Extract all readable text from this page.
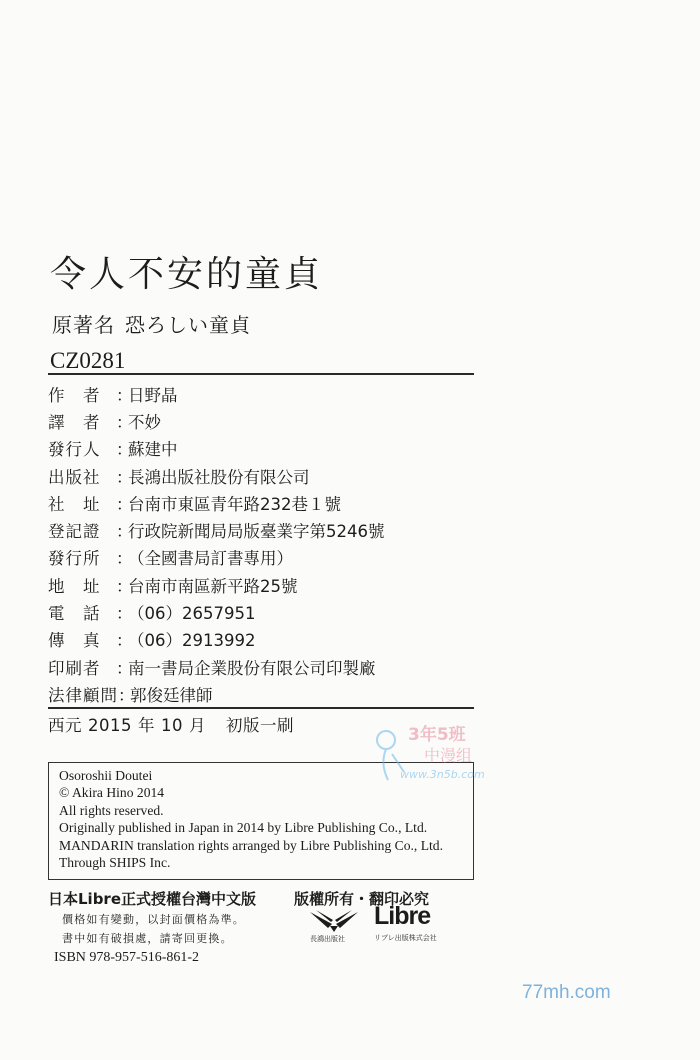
令人不安的童貞
原著名 恐ろしい童貞
CZ0281
作　者 ：
日野晶
譯　者 ：
不妙
發行人 ：
蘇建中
出版社 ：
長鴻出版社股份有限公司
社　址 ：
台南市東區青年路232巷１號
登記證 ：
行政院新聞局局版臺業字第5246號
發行所 ：
（全國書局訂書專用）
地　址 ：
台南市南區新平路25號
電　話 ：
（06）2657951
傳　真 ：
（06）2913992
印刷者 ：
南一書局企業股份有限公司印製廠
法律顧問 ：
郭俊廷律師
西元 2015 年 10 月 初版一刷
Osoroshii Doutei
© Akira Hino 2014
All rights reserved.
Originally published in Japan in 2014 by Libre Publishing Co., Ltd.
MANDARIN translation rights arranged by Libre Publishing Co., Ltd.
Through SHIPS Inc.
日本Libre正式授權台灣中文版	版權所有・翻印必究
價格如有變動，以封面價格為準。
書中如有破損處，請寄回更換。
ISBN 978-957-516-861-2
長鴻出版社
Libre
リブレ出版株式会社
3年5班
中漫组
www.3n5b.com
77mh.com
